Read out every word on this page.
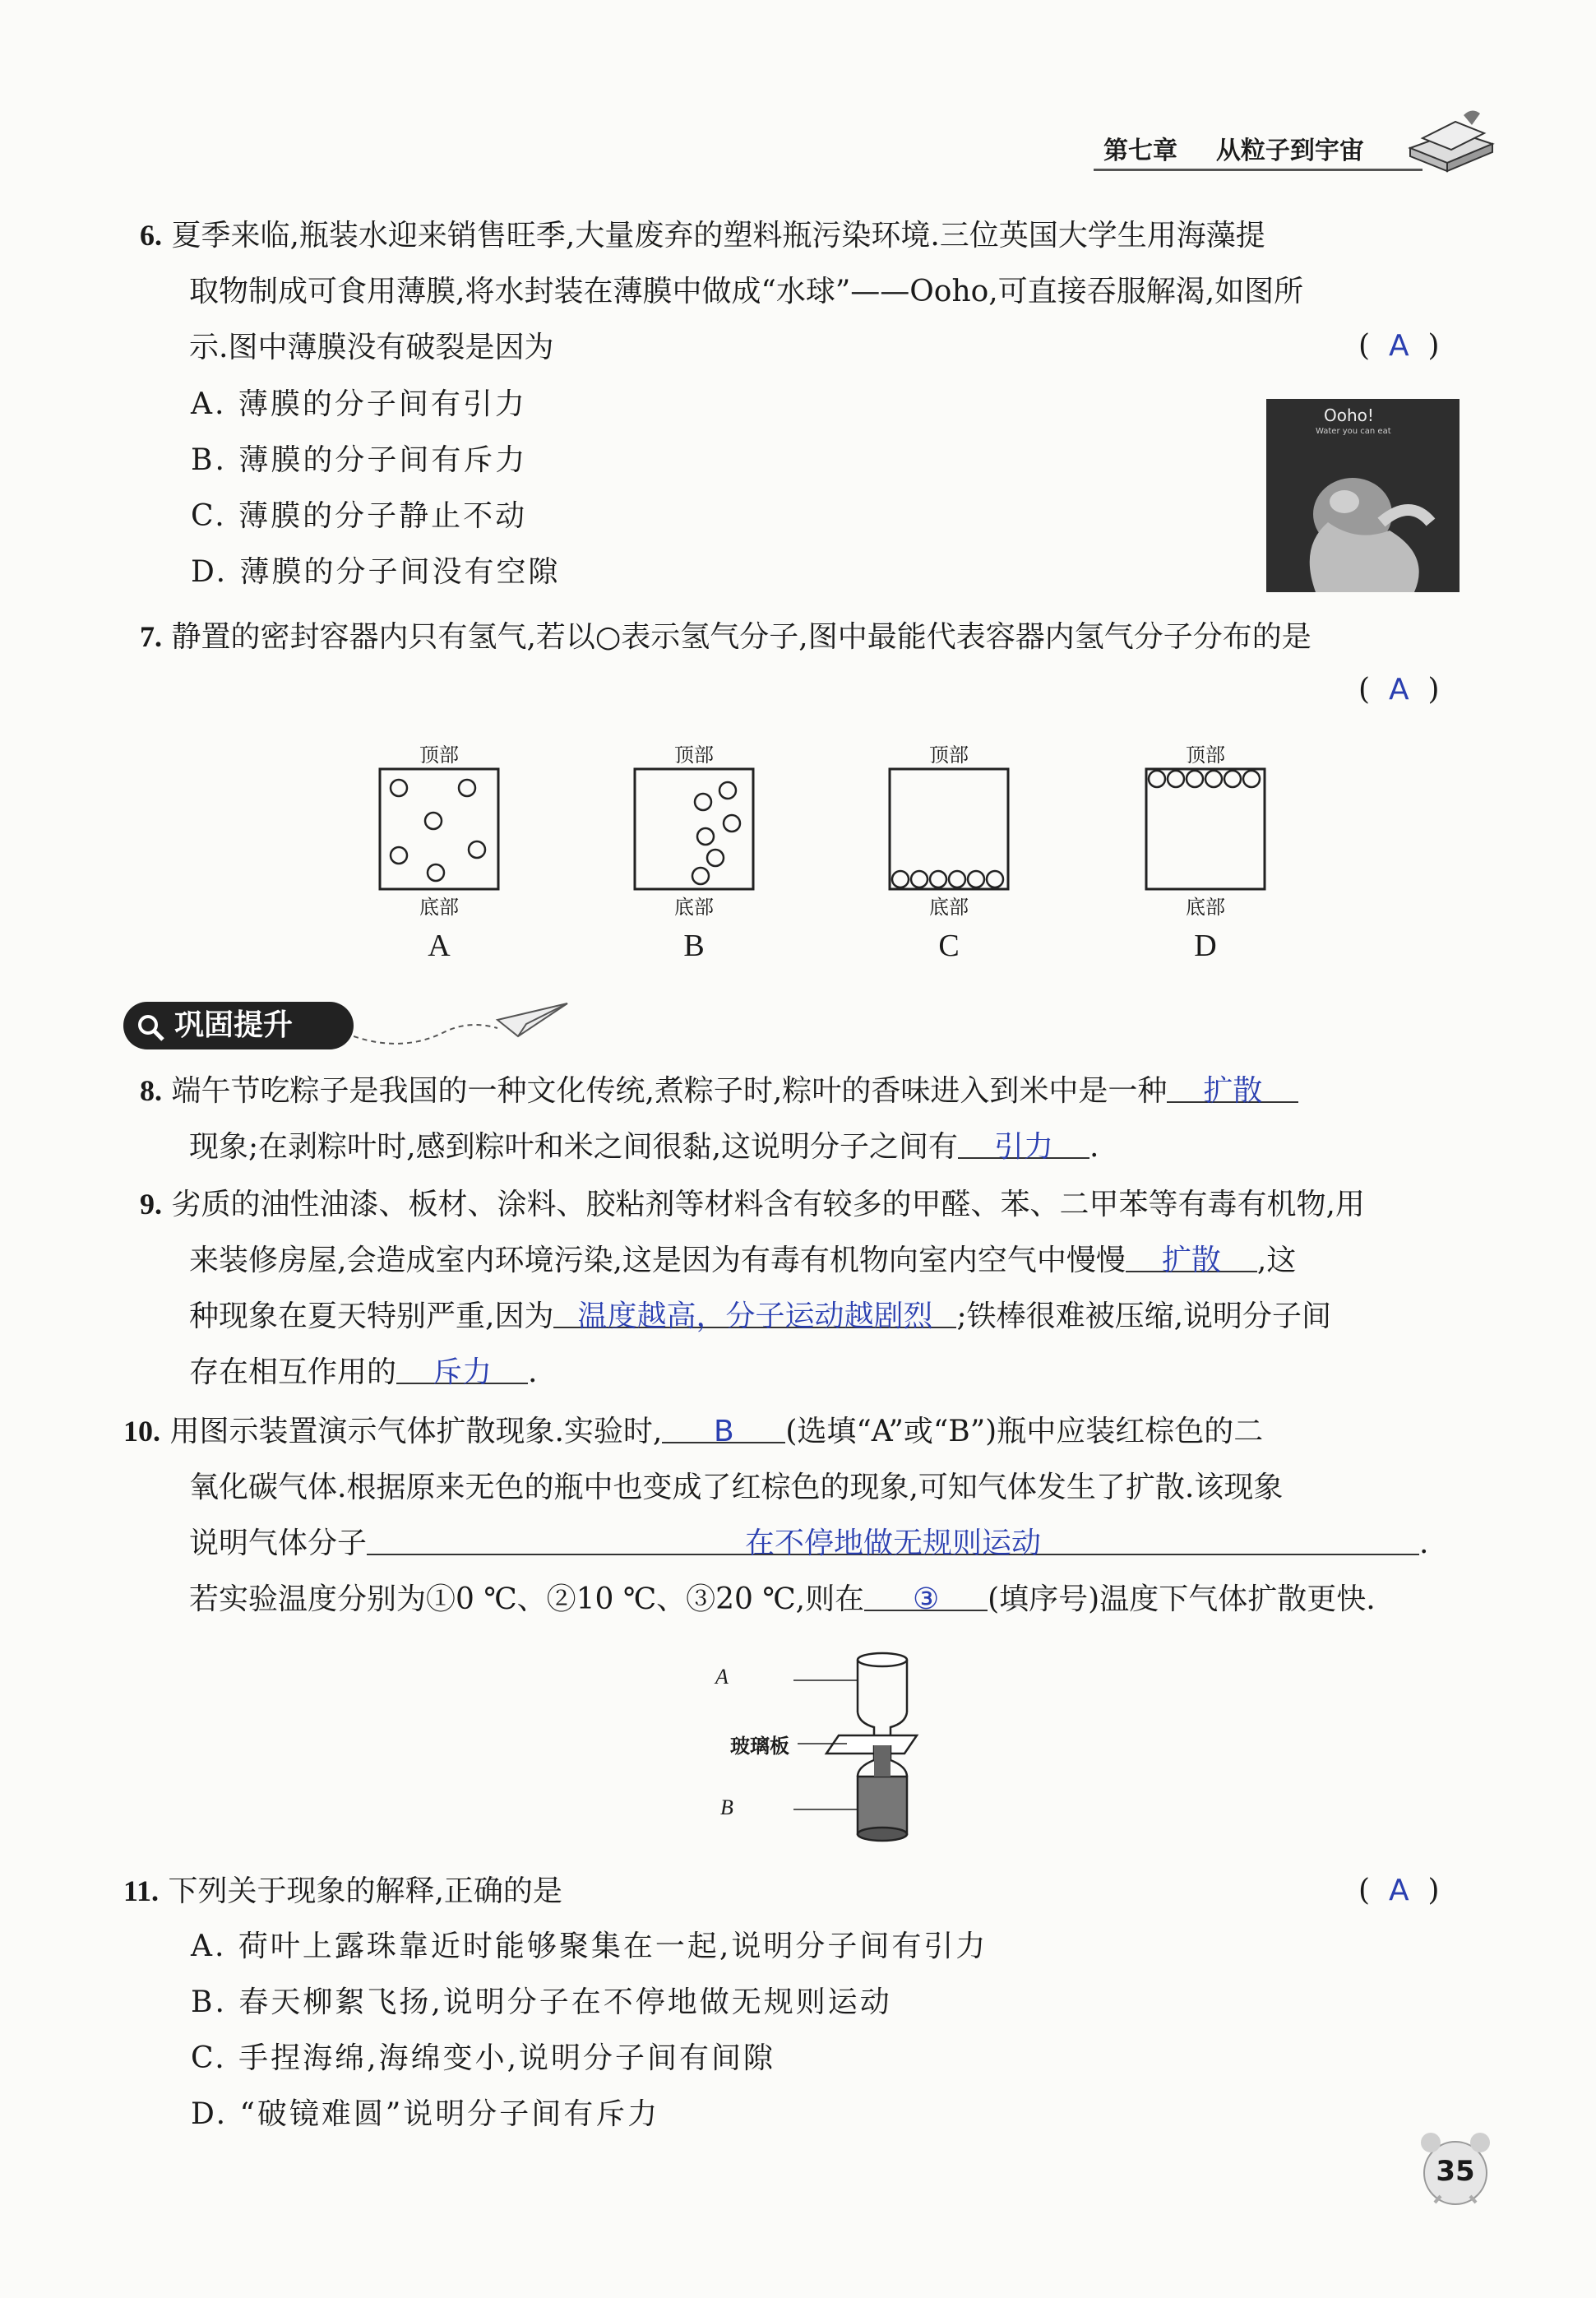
第七章 从粒子到宇宙
6. 夏季来临,瓶装水迎来销售旺季,大量废弃的塑料瓶污染环境.三位英国大学生用海藻提
取物制成可食用薄膜,将水封装在薄膜中做成“水球”——Ooho,可直接吞服解渴,如图所
示.图中薄膜没有破裂是因为	(  A  )
A. 薄膜的分子间有引力
B. 薄膜的分子间有斥力
C. 薄膜的分子静止不动
D. 薄膜的分子间没有空隙
Ooho!
Water you can eat
7. 静置的密封容器内只有氢气,若以○表示氢气分子,图中最能代表容器内氢气分子分布的是
(  A  )
顶部
底部
A
顶部
底部
B
顶部
底部
C
顶部
底部
D
巩固提升
8. 端午节吃粽子是我国的一种文化传统,煮粽子时,粽叶的香味进入到米中是一种 扩散
现象;在剥粽叶时,感到粽叶和米之间很黏,这说明分子之间有 引力 .
9. 劣质的油性油漆、板材、涂料、胶粘剂等材料含有较多的甲醛、苯、二甲苯等有毒有机物,用
来装修房屋,会造成室内环境污染,这是因为有毒有机物向室内空气中慢慢 扩散 ,这
种现象在夏天特别严重,因为 温度越高，分子运动越剧烈 ;铁棒很难被压缩,说明分子间
存在相互作用的 斥力 .
10. 用图示装置演示气体扩散现象.实验时, B (选填“A”或“B”)瓶中应装红棕色的二
氧化碳气体.根据原来无色的瓶中也变成了红棕色的现象,可知气体发生了扩散.该现象
说明气体分子	在不停地做无规则运动	.
若实验温度分别为①0 ℃、②10 ℃、③20 ℃,则在 ③ (填序号)温度下气体扩散更快.
A
B
玻璃板
11. 下列关于现象的解释,正确的是	(  A  )
A. 荷叶上露珠靠近时能够聚集在一起,说明分子间有引力
B. 春天柳絮飞扬,说明分子在不停地做无规则运动
C. 手捏海绵,海绵变小,说明分子间有间隙
D. “破镜难圆”说明分子间有斥力
35
